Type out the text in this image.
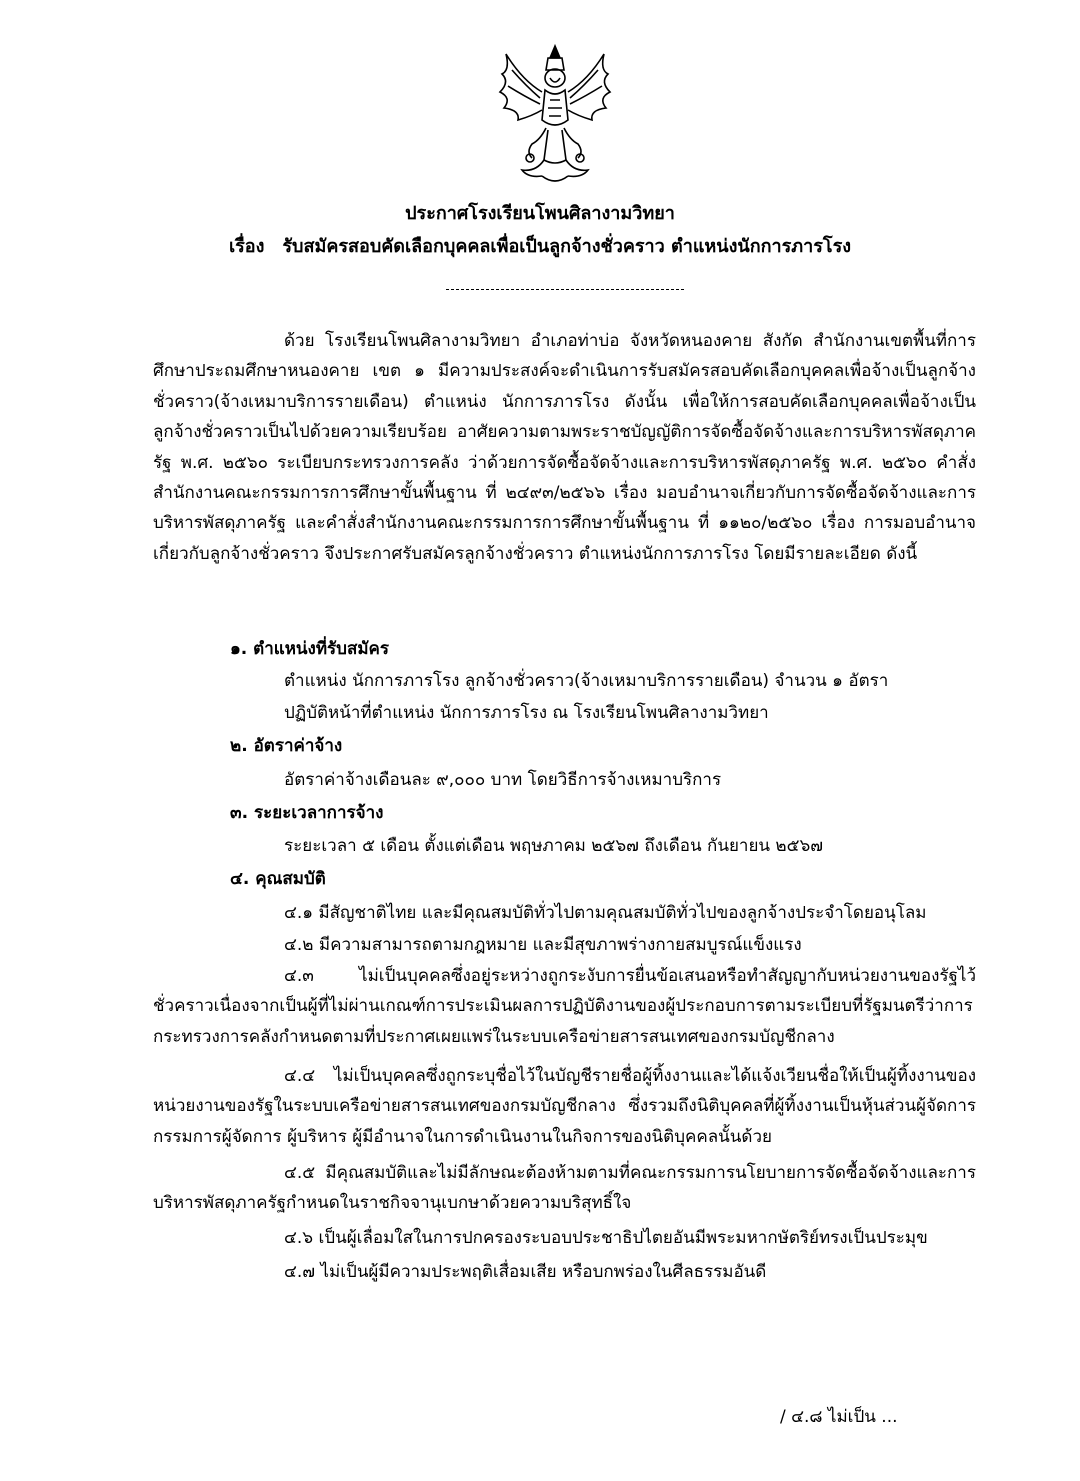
ประกาศโรงเรียนโพนศิลางามวิทยา
เรื่อง รับสมัครสอบคัดเลือกบุคคลเพื่อเป็นลูกจ้างชั่วคราว ตำแหน่งนักการภารโรง
ด้วย โรงเรียนโพนศิลางามวิทยา อำเภอท่าบ่อ จังหวัดหนองคาย สังกัด สำนักงานเขตพื้นที่การศึกษาประถมศึกษาหนองคาย เขต ๑ มีความประสงค์จะดำเนินการรับสมัครสอบคัดเลือกบุคคลเพื่อจ้างเป็นลูกจ้างชั่วคราว(จ้างเหมาบริการรายเดือน) ตำแหน่ง นักการภารโรง ดังนั้น เพื่อให้การสอบคัดเลือกบุคคลเพื่อจ้างเป็นลูกจ้างชั่วคราวเป็นไปด้วยความเรียบร้อย อาศัยความตามพระราชบัญญัติการจัดซื้อจัดจ้างและการบริหารพัสดุภาครัฐ พ.ศ. ๒๕๖๐ ระเบียบกระทรวงการคลัง ว่าด้วยการจัดซื้อจัดจ้างและการบริหารพัสดุภาครัฐ พ.ศ. ๒๕๖๐ คำสั่งสำนักงานคณะกรรมการการศึกษาขั้นพื้นฐาน ที่ ๒๔๙๓/๒๕๖๖ เรื่อง มอบอำนาจเกี่ยวกับการจัดซื้อจัดจ้างและการบริหารพัสดุภาครัฐ และคำสั่งสำนักงานคณะกรรมการการศึกษาขั้นพื้นฐาน ที่ ๑๑๒๐/๒๕๖๐ เรื่อง การมอบอำนาจเกี่ยวกับลูกจ้างชั่วคราว จึงประกาศรับสมัครลูกจ้างชั่วคราว ตำแหน่งนักการภารโรง โดยมีรายละเอียด ดังนี้
๑. ตำแหน่งที่รับสมัคร
ตำแหน่ง นักการภารโรง ลูกจ้างชั่วคราว(จ้างเหมาบริการรายเดือน) จำนวน ๑ อัตรา
ปฏิบัติหน้าที่ตำแหน่ง นักการภารโรง ณ โรงเรียนโพนศิลางามวิทยา
๒. อัตราค่าจ้าง
อัตราค่าจ้างเดือนละ ๙,๐๐๐ บาท โดยวิธีการจ้างเหมาบริการ
๓. ระยะเวลาการจ้าง
ระยะเวลา ๕ เดือน ตั้งแต่เดือน พฤษภาคม ๒๕๖๗ ถึงเดือน กันยายน ๒๕๖๗
๔. คุณสมบัติ
๔.๑ มีสัญชาติไทย และมีคุณสมบัติทั่วไปตามคุณสมบัติทั่วไปของลูกจ้างประจำโดยอนุโลม
๔.๒ มีความสามารถตามกฎหมาย และมีสุขภาพร่างกายสมบูรณ์แข็งแรง
๔.๓ ไม่เป็นบุคคลซึ่งอยู่ระหว่างถูกระงับการยื่นข้อเสนอหรือทำสัญญากับหน่วยงานของรัฐไว้ชั่วคราวเนื่องจากเป็นผู้ที่ไม่ผ่านเกณฑ์การประเมินผลการปฏิบัติงานของผู้ประกอบการตามระเบียบที่รัฐมนตรีว่าการกระทรวงการคลังกำหนดตามที่ประกาศเผยแพร่ในระบบเครือข่ายสารสนเทศของกรมบัญชีกลาง
๔.๔ ไม่เป็นบุคคลซึ่งถูกระบุชื่อไว้ในบัญชีรายชื่อผู้ทิ้งงานและได้แจ้งเวียนชื่อให้เป็นผู้ทิ้งงานของหน่วยงานของรัฐในระบบเครือข่ายสารสนเทศของกรมบัญชีกลาง ซึ่งรวมถึงนิติบุคคลที่ผู้ทิ้งงานเป็นหุ้นส่วนผู้จัดการ กรรมการผู้จัดการ ผู้บริหาร ผู้มีอำนาจในการดำเนินงานในกิจการของนิติบุคคลนั้นด้วย
๔.๕ มีคุณสมบัติและไม่มีลักษณะต้องห้ามตามที่คณะกรรมการนโยบายการจัดซื้อจัดจ้างและการบริหารพัสดุภาครัฐกำหนดในราชกิจจานุเบกษาด้วยความบริสุทธิ์ใจ
๔.๖ เป็นผู้เลื่อมใสในการปกครองระบอบประชาธิปไตยอันมีพระมหากษัตริย์ทรงเป็นประมุข
๔.๗ ไม่เป็นผู้มีความประพฤติเสื่อมเสีย หรือบกพร่องในศีลธรรมอันดี
/ ๔.๘ ไม่เป็น ...
